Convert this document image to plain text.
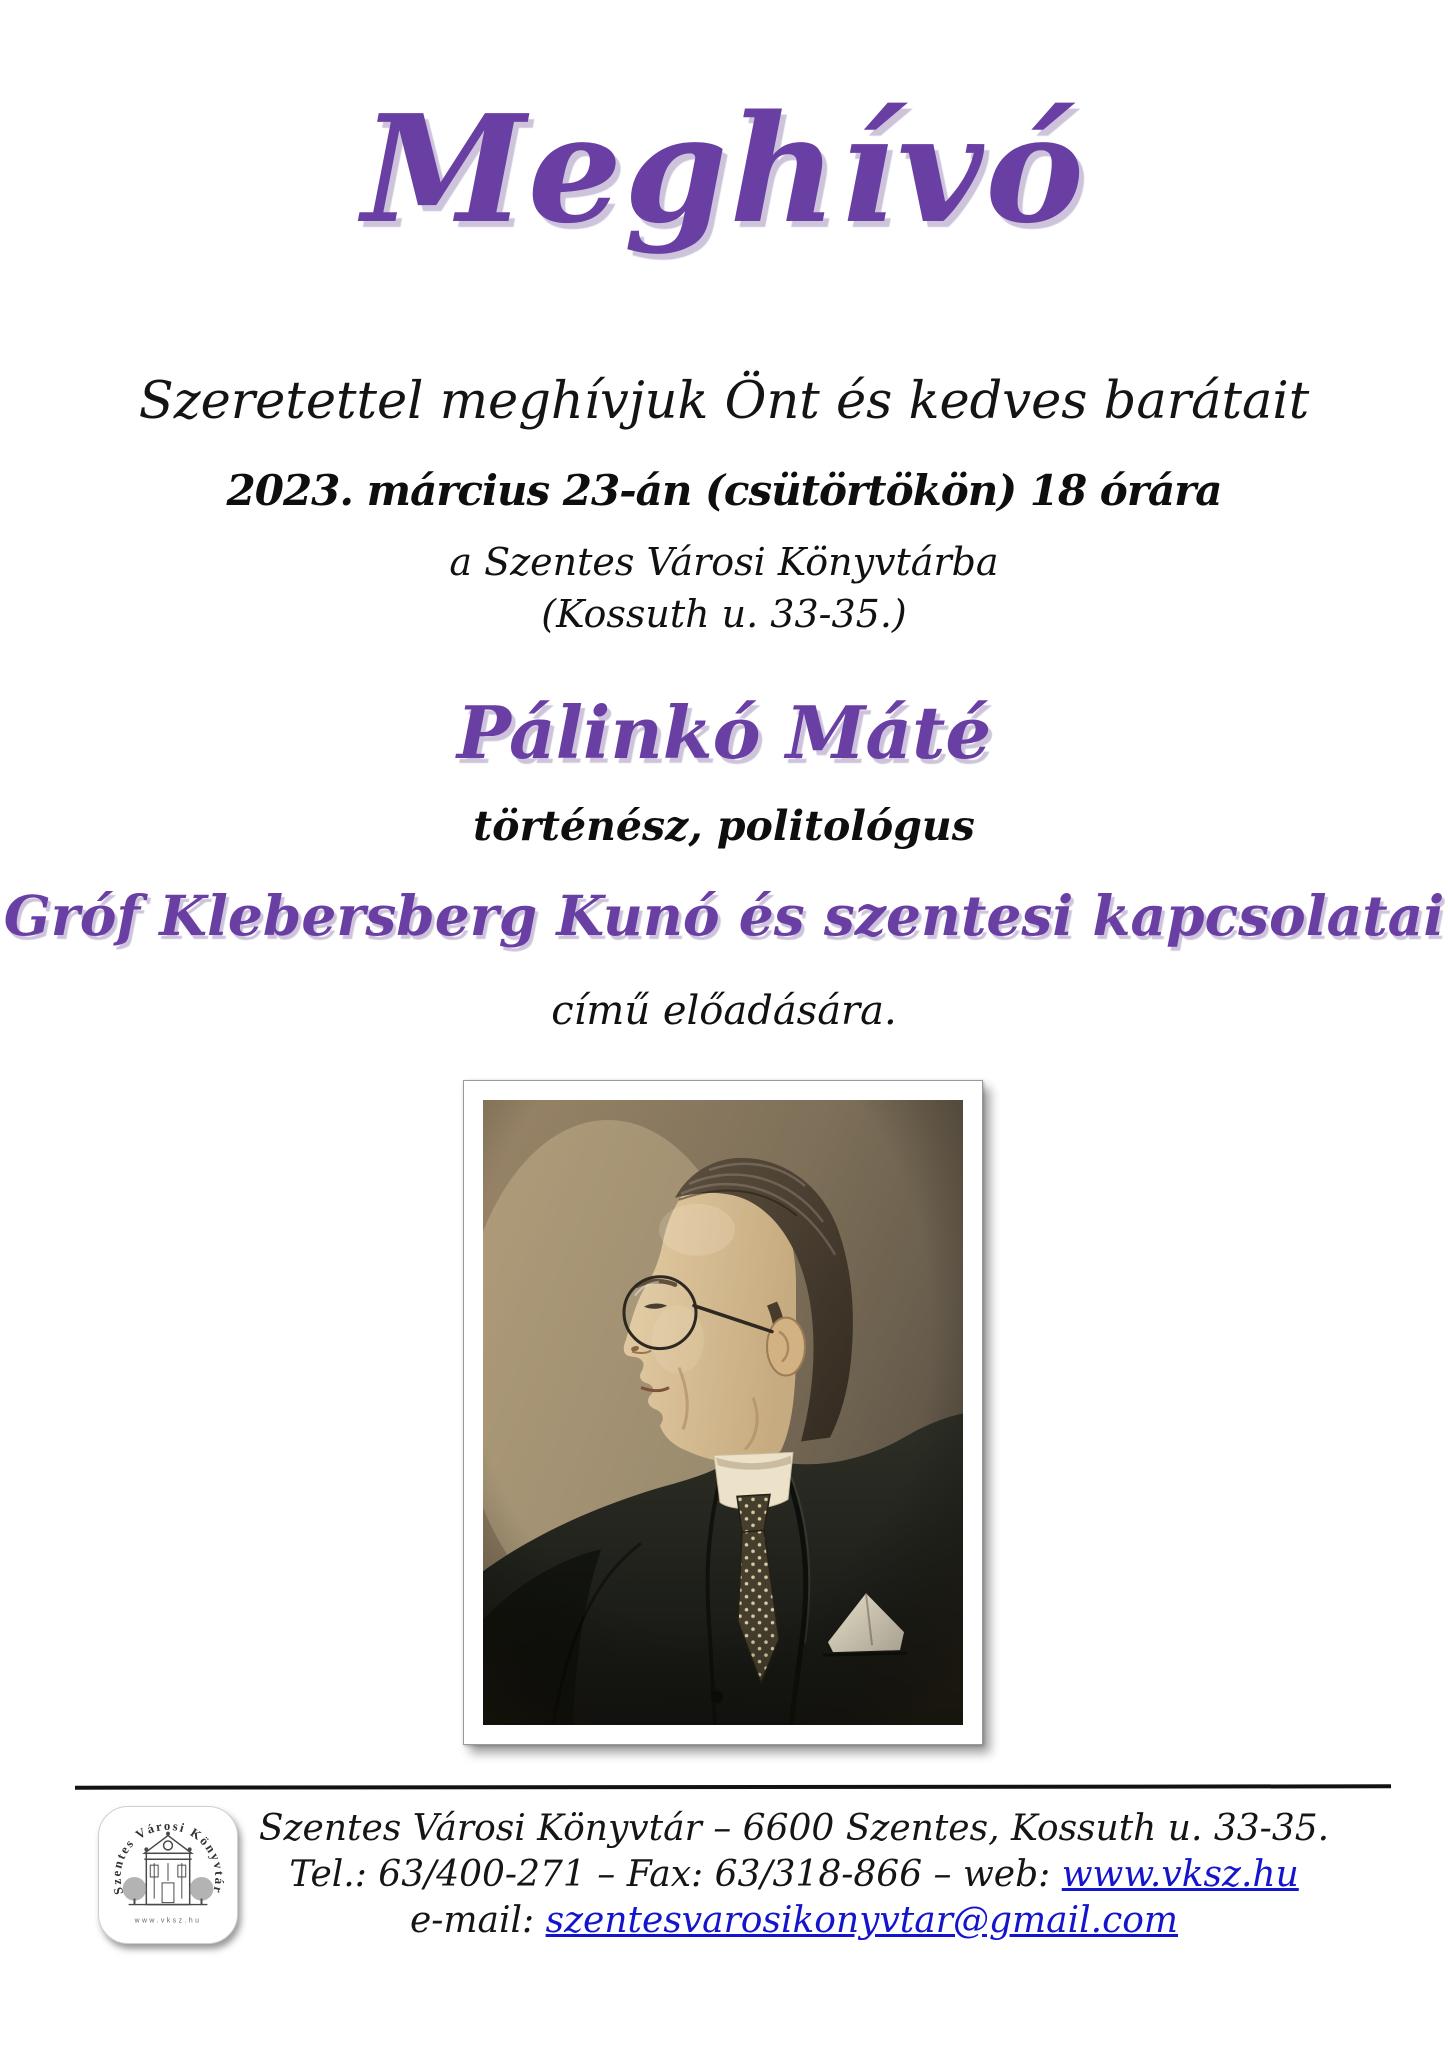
Meghívó
Szeretettel meghívjuk Önt és kedves barátait
2023. március 23-án (csütörtökön) 18 órára
a Szentes Városi Könyvtárba
(Kossuth u. 33-35.)
Pálinkó Máté
történész, politológus
Gróf Klebersberg Kunó és szentesi kapcsolatai
című előadására.
Szentes Városi Könyvtár
www.vksz.hu
Szentes Városi Könyvtár – 6600 Szentes, Kossuth u. 33-35.
Tel.: 63/400-271 – Fax: 63/318-866 – web: www.vksz.hu
e-mail: szentesvarosikonyvtar@gmail.com
